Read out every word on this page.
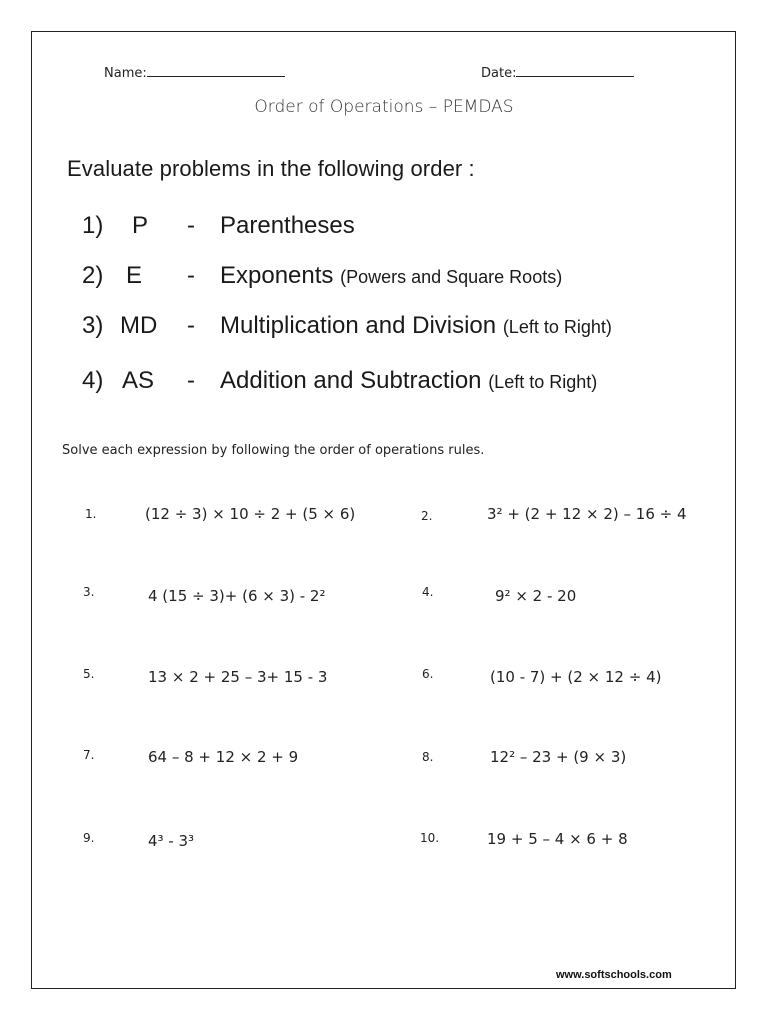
Name:	Date:
Order of Operations – PEMDAS
Evaluate problems in the following order :
1) P - Parentheses
2) E - Exponents (Powers and Square Roots)
3) MD - Multiplication and Division (Left to Right)
4) AS - Addition and Subtraction (Left to Right)
Solve each expression by following the order of operations rules.
1.	(12 ÷ 3) × 10 ÷ 2 + (5 × 6)	2.	3² + (2 + 12 × 2) – 16 ÷ 4
3.	4 (15 ÷ 3)+ (6 × 3) - 2²	4.	9² × 2 - 20
5.	13 × 2 + 25 – 3+ 15 - 3	6.	(10 - 7) + (2 × 12 ÷ 4)
7.	64 – 8 + 12 × 2 + 9	8.	12² – 23 + (9 × 3)
9.	4³ - 3³	10.	19 + 5 – 4 × 6 + 8
www.softschools.com
